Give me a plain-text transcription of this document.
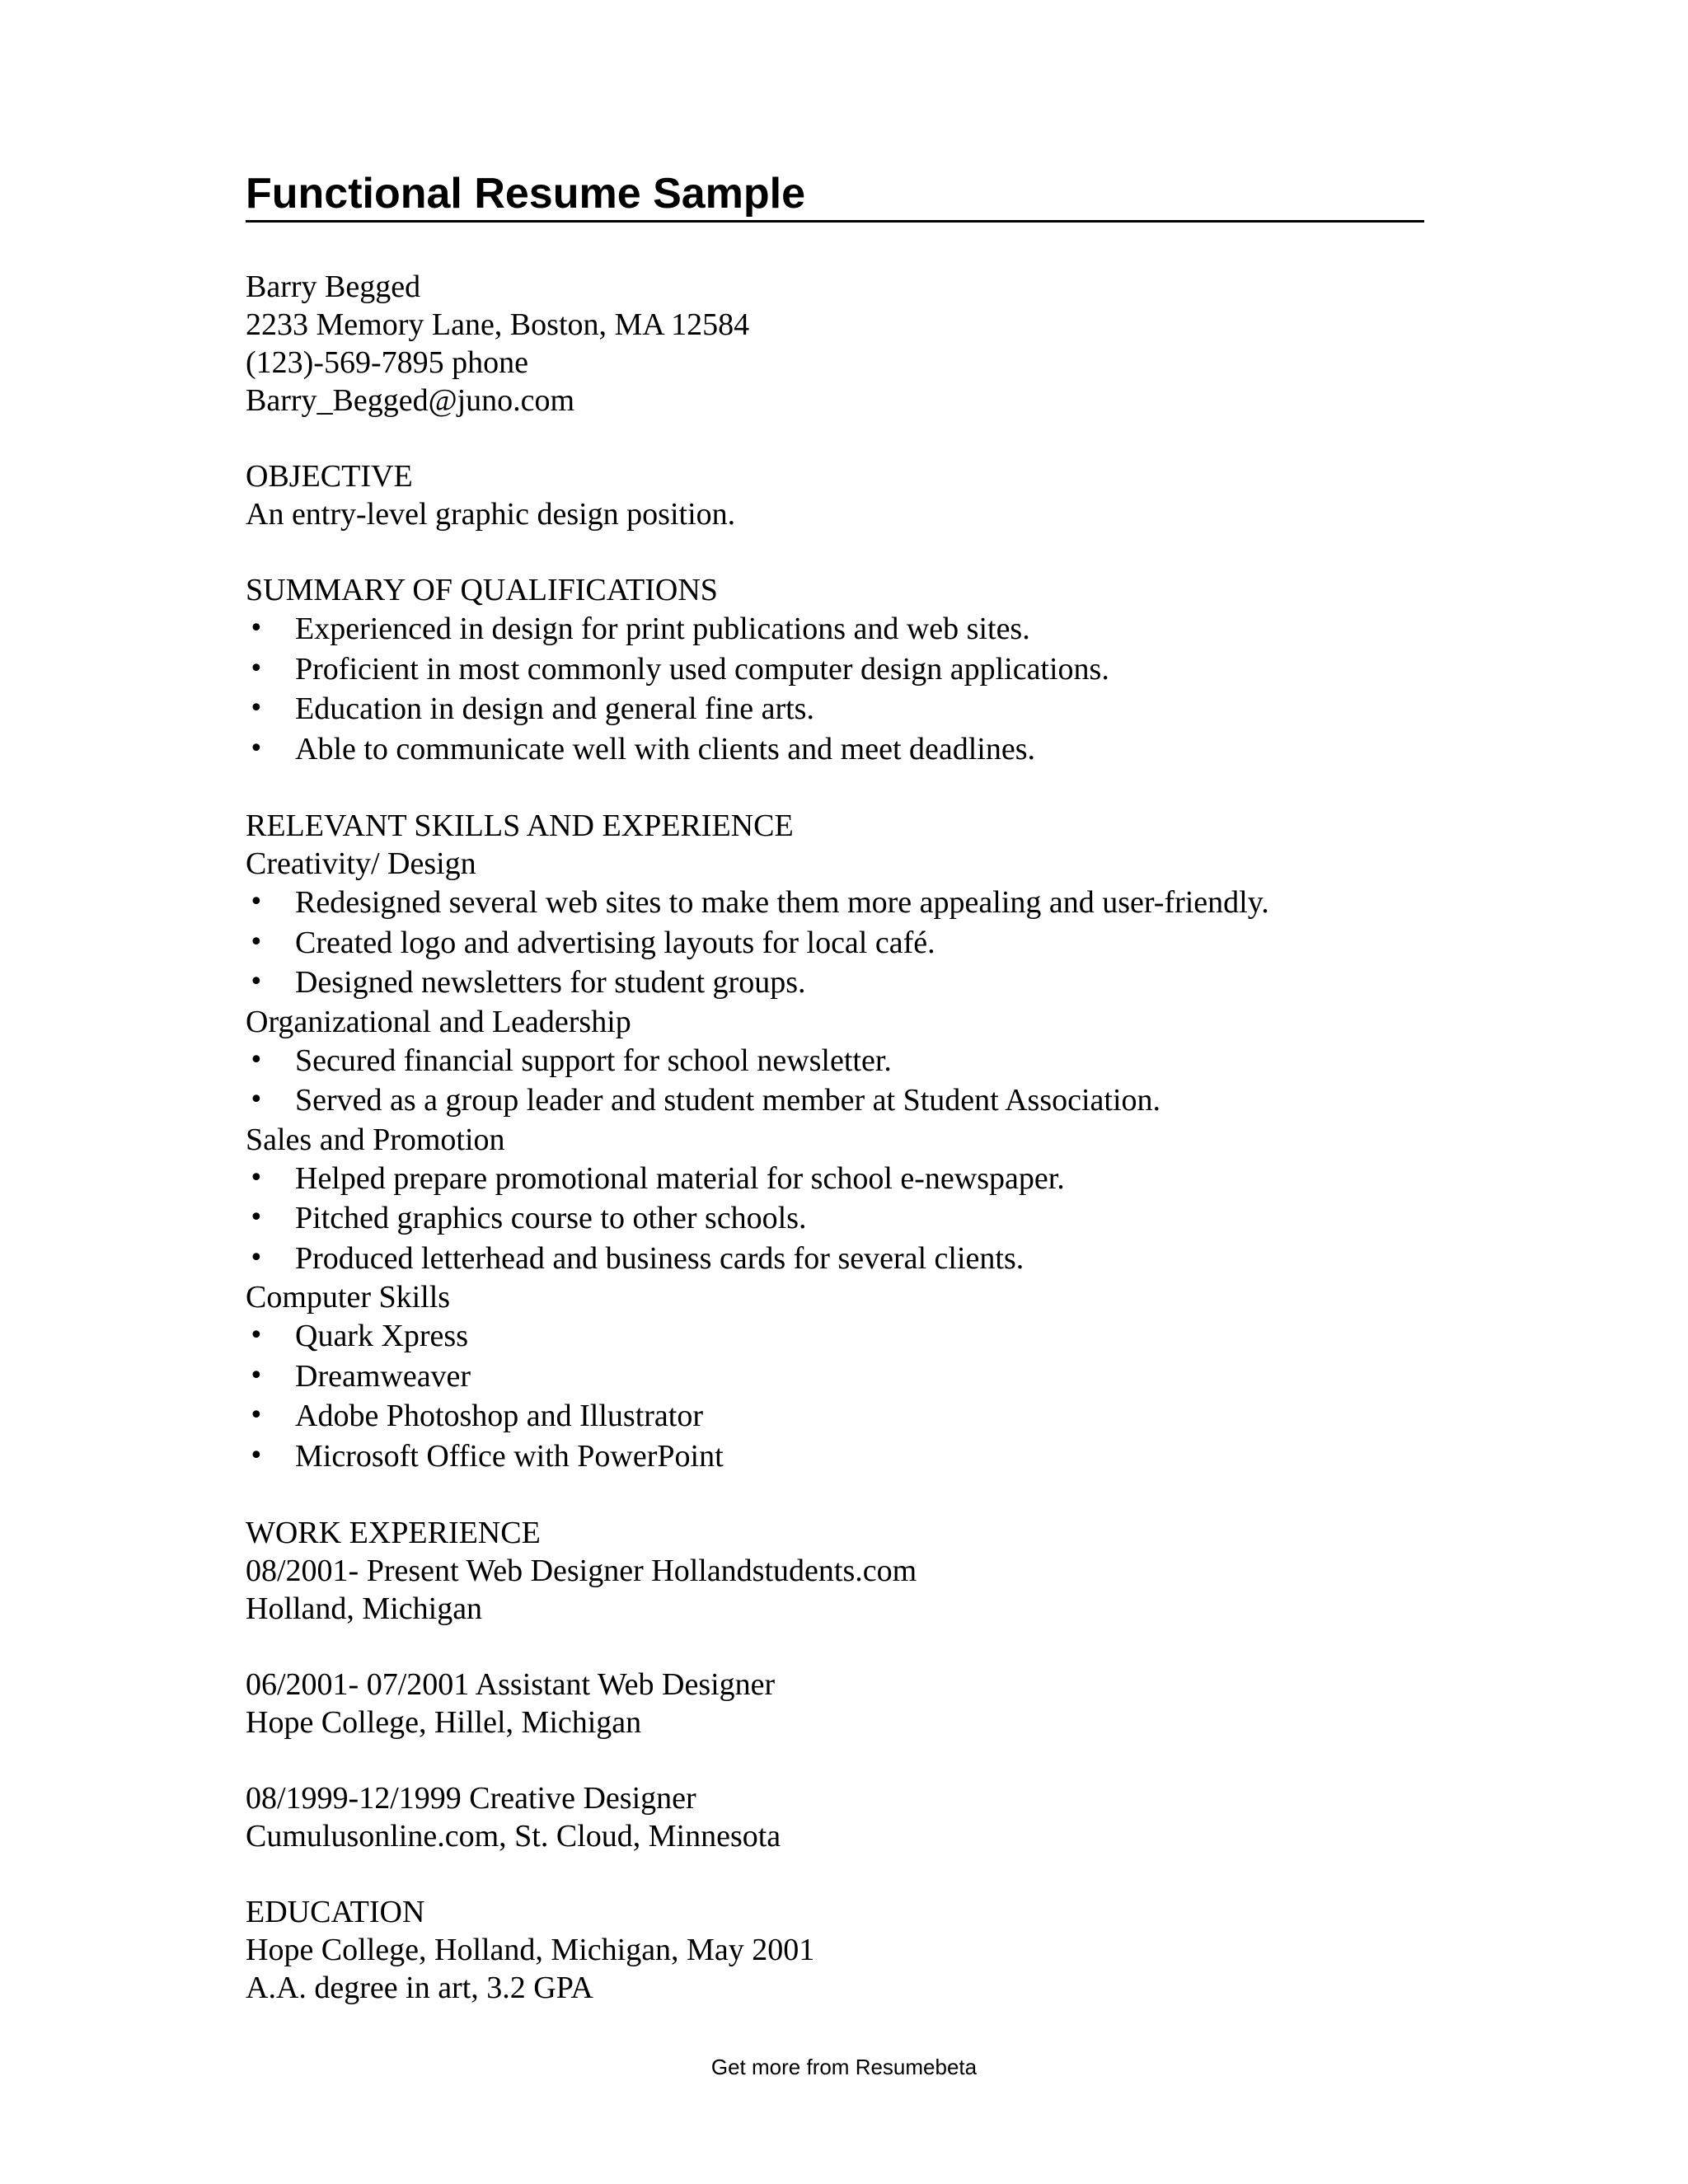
Functional Resume Sample
Barry Begged
2233 Memory Lane, Boston, MA 12584
(123)-569-7895 phone
Barry_Begged@juno.com
OBJECTIVE
An entry-level graphic design position.
SUMMARY OF QUALIFICATIONS
•	Experienced in design for print publications and web sites.
•	Proficient in most commonly used computer design applications.
•	Education in design and general fine arts.
•	Able to communicate well with clients and meet deadlines.
RELEVANT SKILLS AND EXPERIENCE
Creativity/ Design
•	Redesigned several web sites to make them more appealing and user-friendly.
•	Created logo and advertising layouts for local café.
•	Designed newsletters for student groups.
Organizational and Leadership
•	Secured financial support for school newsletter.
•	Served as a group leader and student member at Student Association.
Sales and Promotion
•	Helped prepare promotional material for school e-newspaper.
•	Pitched graphics course to other schools.
•	Produced letterhead and business cards for several clients.
Computer Skills
•	Quark Xpress
•	Dreamweaver
•	Adobe Photoshop and Illustrator
•	Microsoft Office with PowerPoint
WORK EXPERIENCE
08/2001- Present Web Designer Hollandstudents.com
Holland, Michigan
06/2001- 07/2001 Assistant Web Designer
Hope College, Hillel, Michigan
08/1999-12/1999 Creative Designer
Cumulusonline.com, St. Cloud, Minnesota
EDUCATION
Hope College, Holland, Michigan, May 2001
A.A. degree in art, 3.2 GPA
Get more from Resumebeta
